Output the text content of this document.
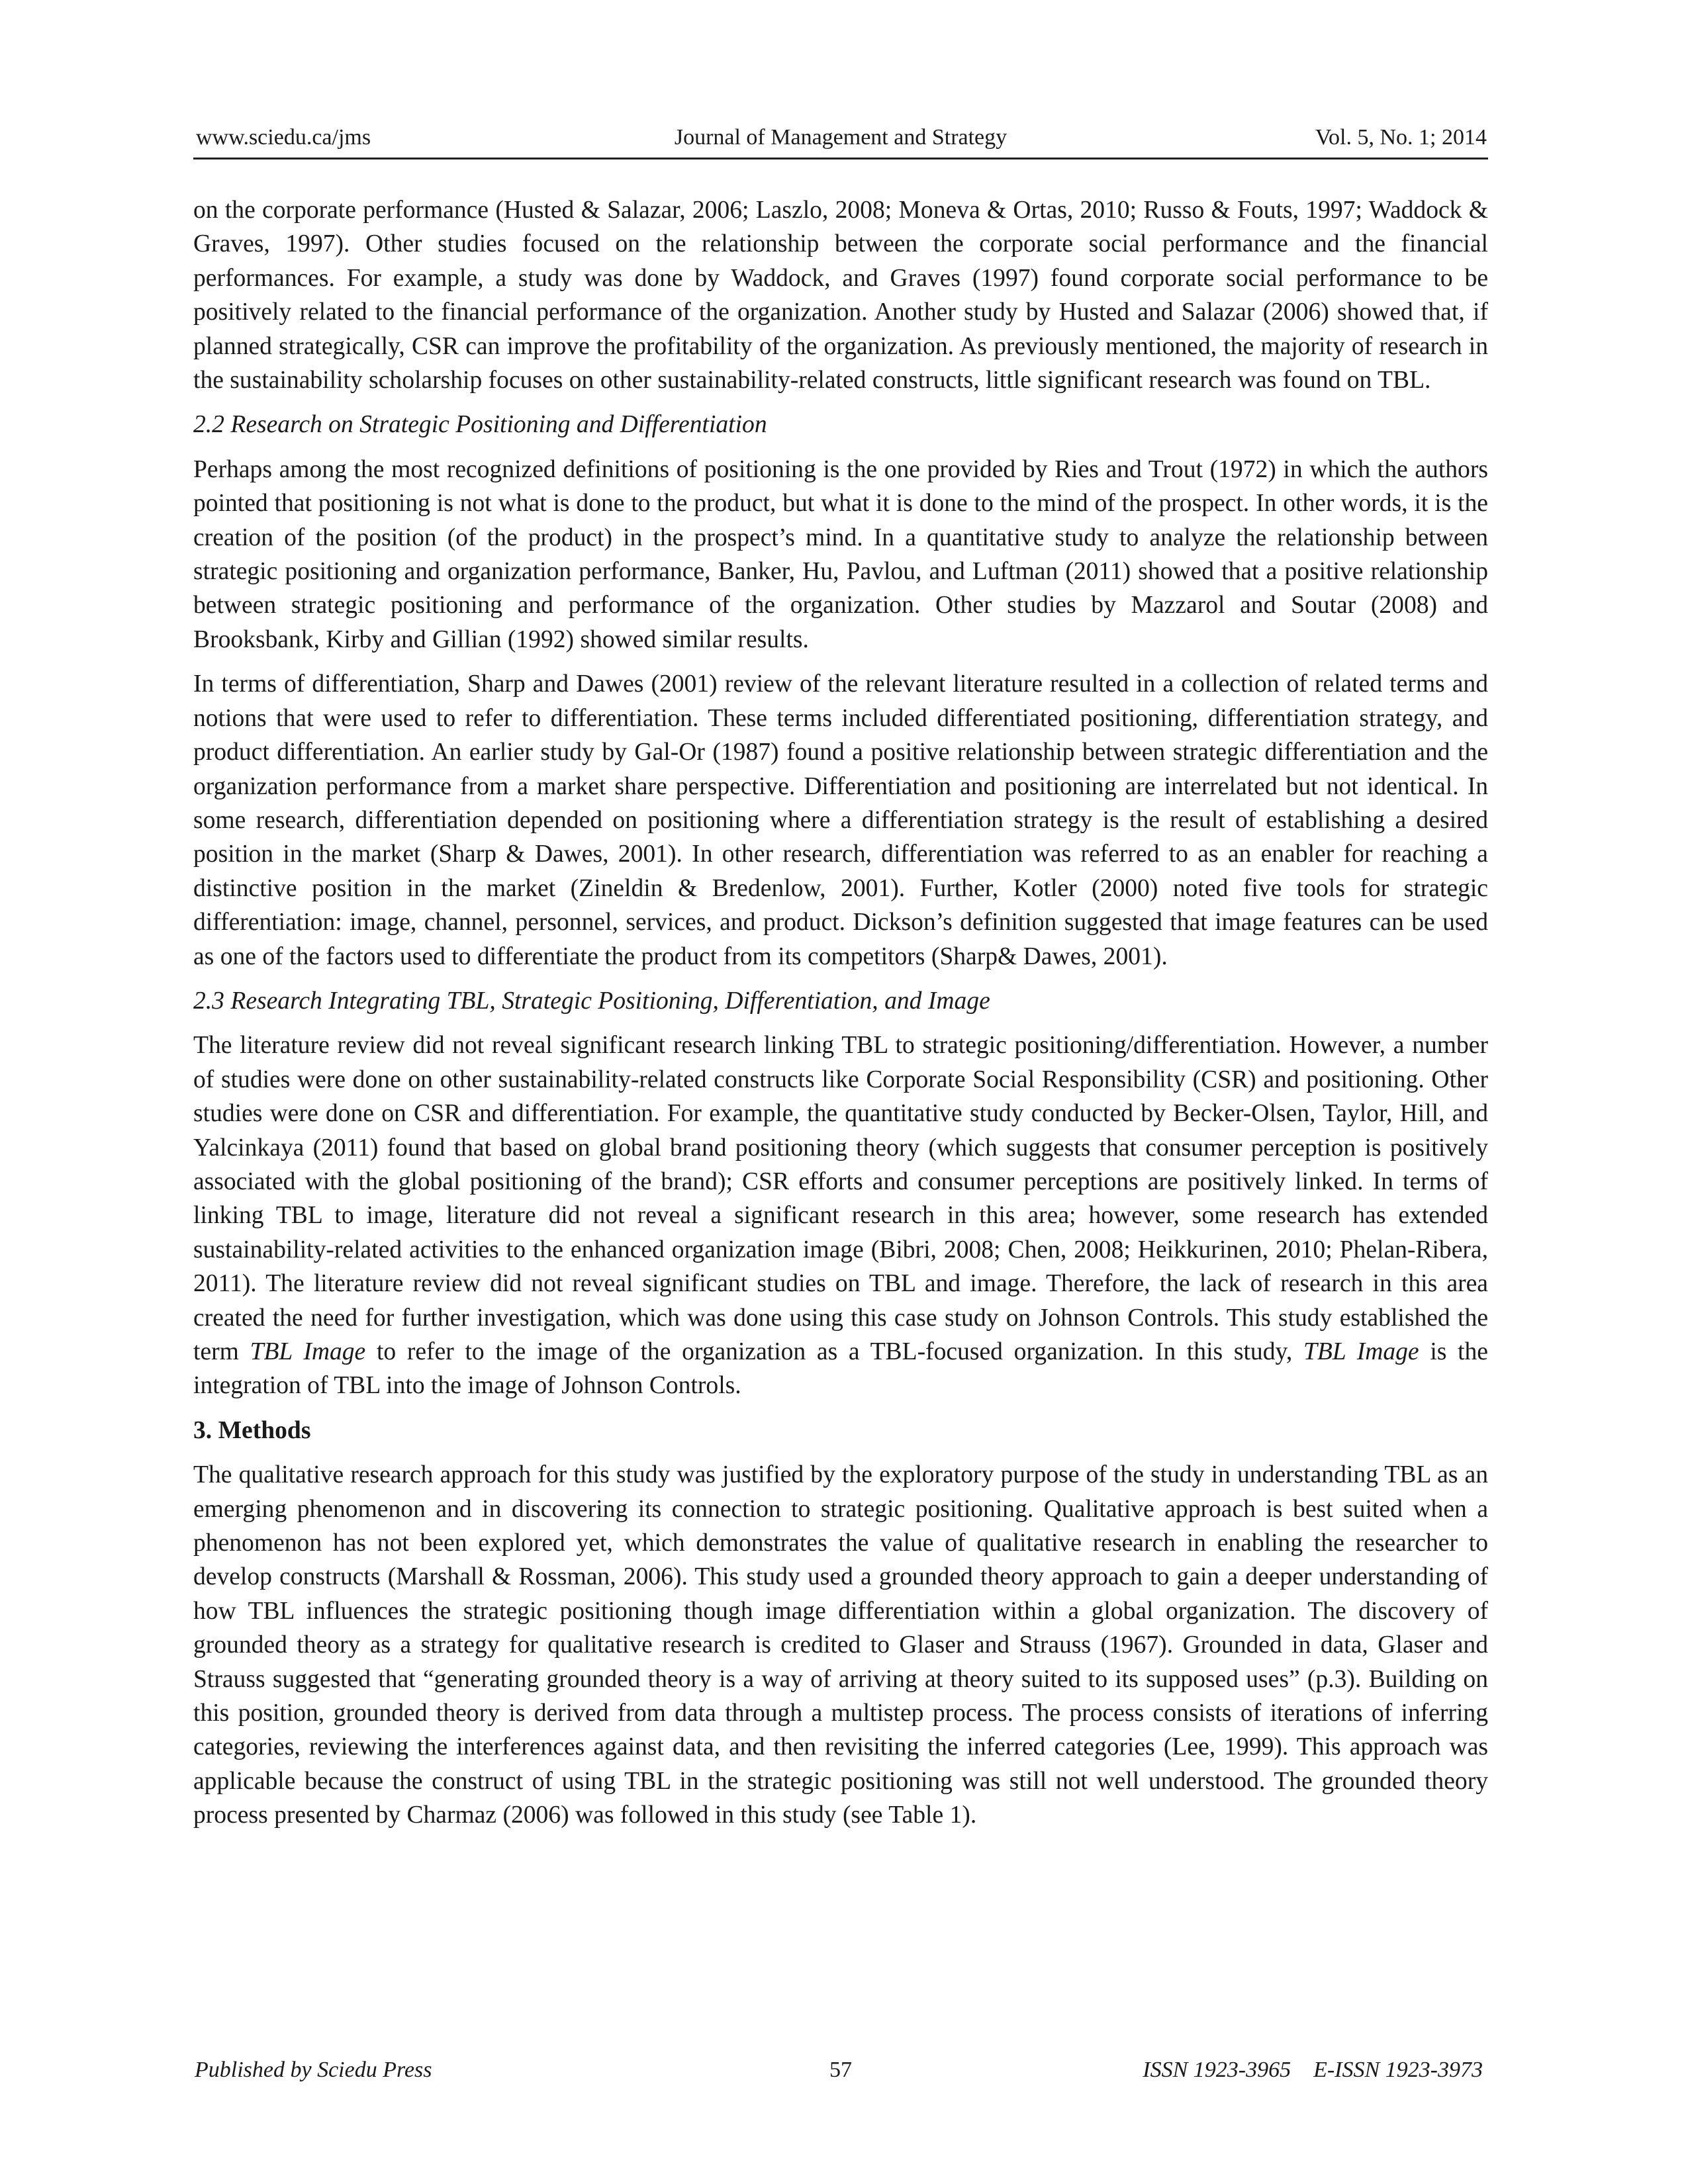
www.sciedu.ca/jms	Journal of Management and Strategy	Vol. 5, No. 1; 2014

on the corporate performance (Husted & Salazar, 2006; Laszlo, 2008; Moneva & Ortas, 2010; Russo & Fouts, 1997; Waddock & Graves, 1997). Other studies focused on the relationship between the corporate social performance and the financial performances. For example, a study was done by Waddock, and Graves (1997) found corporate social performance to be positively related to the financial performance of the organization. Another study by Husted and Salazar (2006) showed that, if planned strategically, CSR can improve the profitability of the organization. As previously mentioned, the majority of research in the sustainability scholarship focuses on other sustainability-related constructs, little significant research was found on TBL.

2.2 Research on Strategic Positioning and Differentiation

Perhaps among the most recognized definitions of positioning is the one provided by Ries and Trout (1972) in which the authors pointed that positioning is not what is done to the product, but what it is done to the mind of the prospect. In other words, it is the creation of the position (of the product) in the prospect’s mind. In a quantitative study to analyze the relationship between strategic positioning and organization performance, Banker, Hu, Pavlou, and Luftman (2011) showed that a positive relationship between strategic positioning and performance of the organization. Other studies by Mazzarol and Soutar (2008) and Brooksbank, Kirby and Gillian (1992) showed similar results.

In terms of differentiation, Sharp and Dawes (2001) review of the relevant literature resulted in a collection of related terms and notions that were used to refer to differentiation. These terms included differentiated positioning, differentiation strategy, and product differentiation. An earlier study by Gal-Or (1987) found a positive relationship between strategic differentiation and the organization performance from a market share perspective. Differentiation and positioning are interrelated but not identical. In some research, differentiation depended on positioning where a differentiation strategy is the result of establishing a desired position in the market (Sharp & Dawes, 2001). In other research, differentiation was referred to as an enabler for reaching a distinctive position in the market (Zineldin & Bredenlow, 2001). Further, Kotler (2000) noted five tools for strategic differentiation: image, channel, personnel, services, and product. Dickson’s definition suggested that image features can be used as one of the factors used to differentiate the product from its competitors (Sharp& Dawes, 2001).

2.3 Research Integrating TBL, Strategic Positioning, Differentiation, and Image

The literature review did not reveal significant research linking TBL to strategic positioning/differentiation. However, a number of studies were done on other sustainability-related constructs like Corporate Social Responsibility (CSR) and positioning. Other studies were done on CSR and differentiation. For example, the quantitative study conducted by Becker-Olsen, Taylor, Hill, and Yalcinkaya (2011) found that based on global brand positioning theory (which suggests that consumer perception is positively associated with the global positioning of the brand); CSR efforts and consumer perceptions are positively linked. In terms of linking TBL to image, literature did not reveal a significant research in this area; however, some research has extended sustainability-related activities to the enhanced organization image (Bibri, 2008; Chen, 2008; Heikkurinen, 2010; Phelan-Ribera, 2011). The literature review did not reveal significant studies on TBL and image. Therefore, the lack of research in this area created the need for further investigation, which was done using this case study on Johnson Controls. This study established the term TBL Image to refer to the image of the organization as a TBL-focused organization. In this study, TBL Image is the integration of TBL into the image of Johnson Controls.

3. Methods

The qualitative research approach for this study was justified by the exploratory purpose of the study in understanding TBL as an emerging phenomenon and in discovering its connection to strategic positioning. Qualitative approach is best suited when a phenomenon has not been explored yet, which demonstrates the value of qualitative research in enabling the researcher to develop constructs (Marshall & Rossman, 2006). This study used a grounded theory approach to gain a deeper understanding of how TBL influences the strategic positioning though image differentiation within a global organization. The discovery of grounded theory as a strategy for qualitative research is credited to Glaser and Strauss (1967). Grounded in data, Glaser and Strauss suggested that “generating grounded theory is a way of arriving at theory suited to its supposed uses” (p.3). Building on this position, grounded theory is derived from data through a multistep process. The process consists of iterations of inferring categories, reviewing the interferences against data, and then revisiting the inferred categories (Lee, 1999). This approach was applicable because the construct of using TBL in the strategic positioning was still not well understood. The grounded theory process presented by Charmaz (2006) was followed in this study (see Table 1).

Published by Sciedu Press	57	ISSN 1923-3965    E-ISSN 1923-3973
